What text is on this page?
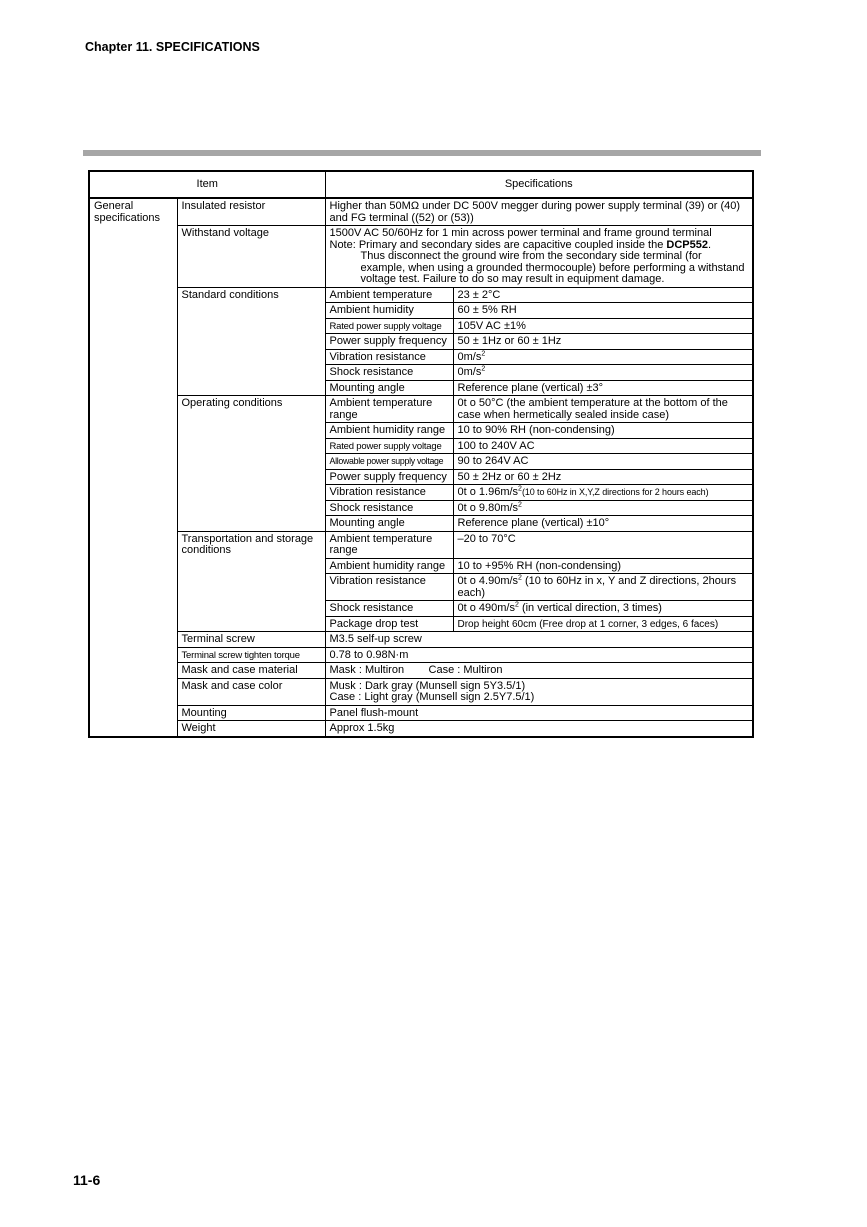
Chapter 11. SPECIFICATIONS
Item		Specifications	

General
specifications	Insulated resistor	Higher than 50MΩ under DC 500V megger during power supply terminal (39) or (40) and FG terminal ((52) or (53))	
	Withstand voltage	1500V AC 50/60Hz for 1 min across power terminal and frame ground terminal
Note: Primary and secondary sides are capacitive coupled inside the DCP552.
Thus disconnect the ground wire from the secondary side terminal (for example, when using a grounded thermocouple) before performing a withstand voltage test. Failure to do so may result in equipment damage.	

	Standard conditions	Ambient temperature	23 ± 2°C
		Ambient humidity	60 ± 5% RH
		Rated power supply voltage	105V AC ±1%
		Power supply frequency	50 ± 1Hz or 60 ± 1Hz
		Vibration resistance	$0m/s^2$
		Shock resistance	$0m/s^2$
		Mounting angle	Reference plane (vertical) ±3°
	Operating conditions	Ambient temperature range	0t o 50°C (the ambient temperature at the bottom of the case when hermetically sealed inside case)
		Ambient humidity range	10 to 90% RH (non-condensing)
		Rated power supply voltage	100 to 240V AC
		Allowable power supply voltage	90 to 264V AC
		Power supply frequency	50 ± 2Hz or 60 ± 2Hz
		Vibration resistance	0t o $1.96m/s^2(10$ to 60Hz in X,Y,Z directions for 2 hours each)
		Shock resistance	0t o $9.80m/s^2$
		Mounting angle	Reference plane (vertical) ±10°
	Transportation and storage conditions	Ambient temperature range	–20 to 70°C
		Ambient humidity range	10 to +95% RH (non-condensing)
		Vibration resistance	0t o $4.90m/s^2$ (10 to 60Hz in x, Y and Z directions, 2hours each)
		Shock resistance	0t o $490m/s^2$ (in vertical direction, 3 times)
		Package drop test	Drop height 60cm (Free drop at 1 corner, 3 edges, 6 faces)
	Terminal screw	M3.5 self-up screw	
	Terminal screw tighten torque	0.78 to 0.98N·m	
	Mask and case material	Mask : Multiron        Case : Multiron	
	Mask and case color	Musk : Dark gray (Munsell sign 5Y3.5/1)
Case : Light gray (Munsell sign 2.5Y7.5/1)	

	Mounting	Panel flush-mount	
	Weight	Approx 1.5kg	
11-6
